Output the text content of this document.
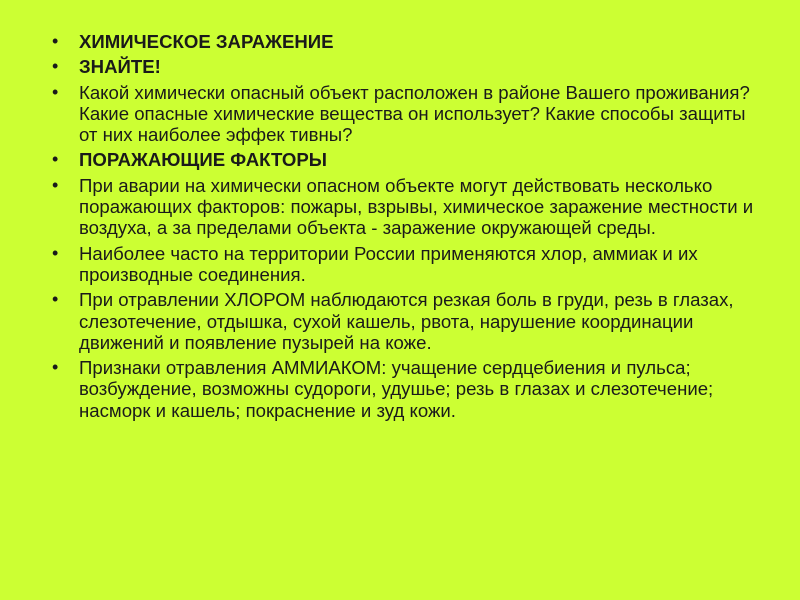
• ХИМИЧЕСКОЕ ЗАРАЖЕНИЕ
• ЗНАЙТЕ!
• Какой химически опасный объект расположен в районе Вашего проживания? Какие опасные химические вещества он использует? Какие способы защиты от них наиболее эффек тивны?
• ПОРАЖАЮЩИЕ ФАКТОРЫ
• При аварии на химически опасном объекте могут действовать несколько поражающих факторов: пожары, взрывы, химическое заражение местности и воздуха, а за пределами объекта - заражение окружающей среды.
• Наиболее часто на территории России применяются хлор, аммиак и их производные соединения.
• При отравлении ХЛОРОМ наблюдаются резкая боль в груди, резь в глазах, слезотечение, отдышка, сухой кашель, рвота, нарушение координации движений и появление пузырей на коже.
• Признаки отравления АММИАКОМ: учащение сердцебиения и пульса; возбуждение, возможны судороги, удушье; резь в глазах и слезотечение; насморк и кашель; покраснение и зуд кожи.
